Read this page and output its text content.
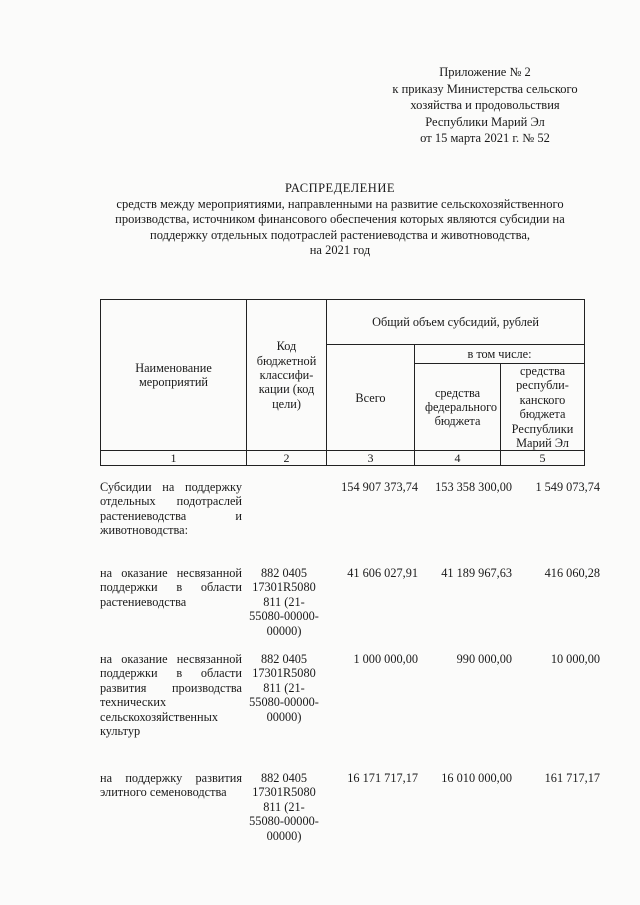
Приложение № 2
к приказу Министерства сельского
хозяйства и продовольствия
Республики Марий Эл
от 15 марта 2021 г. № 52
РАСПРЕДЕЛЕНИЕ
средств между мероприятиями, направленными на развитие сельскохозяйственного
производства, источником финансового обеспечения которых являются субсидии на
поддержку отдельных подотраслей растениеводства и животноводства,
на 2021 год
Наименование мероприятий	Код бюджетной классифи-кации (код цели)	Общий объем субсидий, рублей		
		Всего	в том числе:	

			средства федерального бюджета	средства республи-канского бюджета Республики Марий Эл

1	2	3	4	5
Субсидии на поддержку отдельных подотраслей растениеводства и животноводства:		154 907 373,74	153 358 300,00	1 549 073,74
на оказание несвязанной поддержки в области растениеводства	882 0405 17301R5080 811 (21-55080-00000-00000)	41 606 027,91	41 189 967,63	416 060,28
на оказание несвязанной поддержки в области развития производства технических сельскохозяйственных культур	882 0405 17301R5080 811 (21-55080-00000-00000)	1 000 000,00	990 000,00	10 000,00
на поддержку развития элитного семеноводства	882 0405 17301R5080 811 (21-55080-00000-00000)	16 171 717,17	16 010 000,00	161 717,17
